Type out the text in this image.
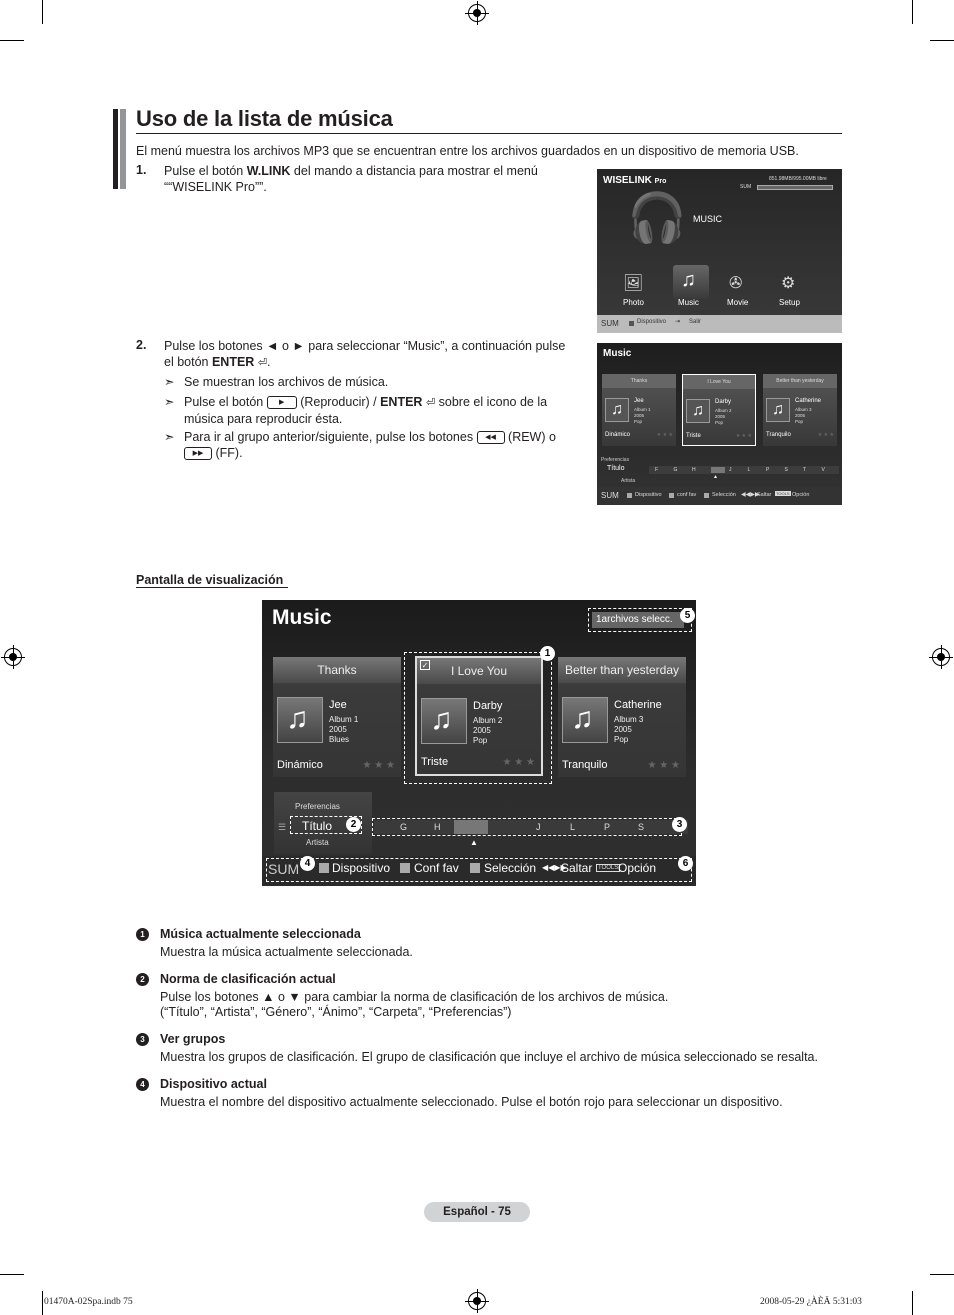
Uso de la lista de música
El menú muestra los archivos MP3 que se encuentran entre los archivos guardados en un dispositivo de memoria USB.
1. Pulse el botón W.LINK del mando a distancia para mostrar el menú
““WISELINK Pro””.
2. Pulse los botones ◄ o ► para seleccionar “Music”, a continuación pulse
el botón ENTER ⏎.
➣ Se muestran los archivos de música.
➣ Pulse el botón ▶ (Reproducir) / ENTER ⏎ sobre el icono de la
música para reproducir ésta.
➣ Para ir al grupo anterior/siguiente, pulse los botones ◀◀ (REW) o
▶▶ (FF).
WISELINK Pro	851.98MB/995.00MB libre
SUM
🎧 MUSIC
🖼 ♫ ✇ ⚙
Photo	Music	Movie	Setup
SUM	Dispositivo ⇥ Salir
Music
Thanks
♫	Jee
Album 1
2005
Pop
Dinámico	★ ★ ★
I Love You
♫	Darby
Album 2
2005
Pop
Triste	★ ★ ★
Better than yesterday
♫	Catherine
Album 3
2005
Pop
Tranquilo	★ ★ ★
Preferencias
Título
Artista
F	G	H	J	L	P	S	T	V
▲
SUM	Dispositivo	conf fav	Selección ◀◀▶▶
Saltar TOOLS Opción
Pantalla de visualización
Music	1archivos selecc.	5
Thanks
♫	Jee
Album 1
2005
Blues
Dinámico	★ ★ ★
I Love You
✓
♫	Darby
Album 2
2005
Pop
Triste	★ ★ ★
Better than yesterday
♫	Catherine
Album 3
2005
Pop
Tranquilo	★ ★ ★
1
Preferencias
☰ Título
Artista
2	G	H	J	L	P	S
▲
3
SUM 4	Dispositivo Conf fav Selección ◀◀▶▶
Saltar TOOLS Opción	6
1	Música actualmente seleccionada
Muestra la música actualmente seleccionada.
2	Norma de clasificación actual
Pulse los botones ▲ o ▼ para cambiar la norma de clasificación de los archivos de música.
(“Título”, “Artista”, “Género”, “Ánimo”, “Carpeta”, “Preferencias”)
3	Ver grupos
Muestra los grupos de clasificación. El grupo de clasificación que incluye el archivo de música seleccionado se resalta.
4	Dispositivo actual
Muestra el nombre del dispositivo actualmente seleccionado. Pulse el botón rojo para seleccionar un dispositivo.
Español - 75
01470A-02Spa.indb 75	2008-05-29 ¿ÀÈÄ 5:31:03
